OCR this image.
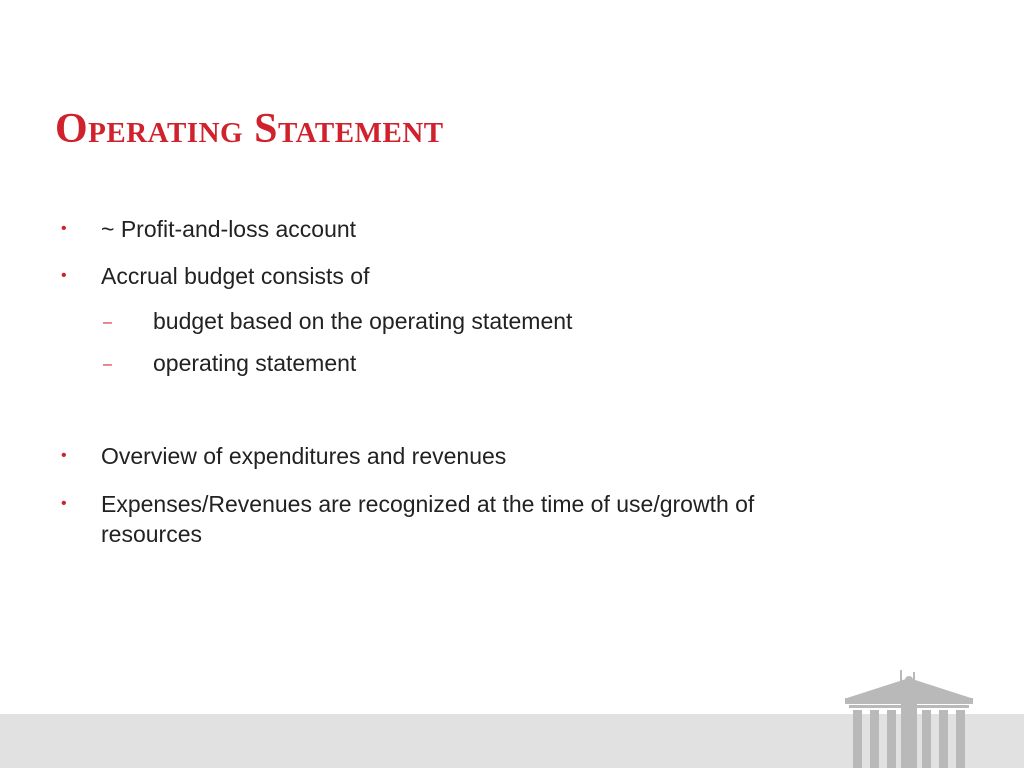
Operating Statement
• ~ Profit-and-loss account
• Accrual budget consists of
– budget based on the operating statement
– operating statement
• Overview of expenditures and revenues
• Expenses/Revenues are recognized at the time of use/growth of resources
